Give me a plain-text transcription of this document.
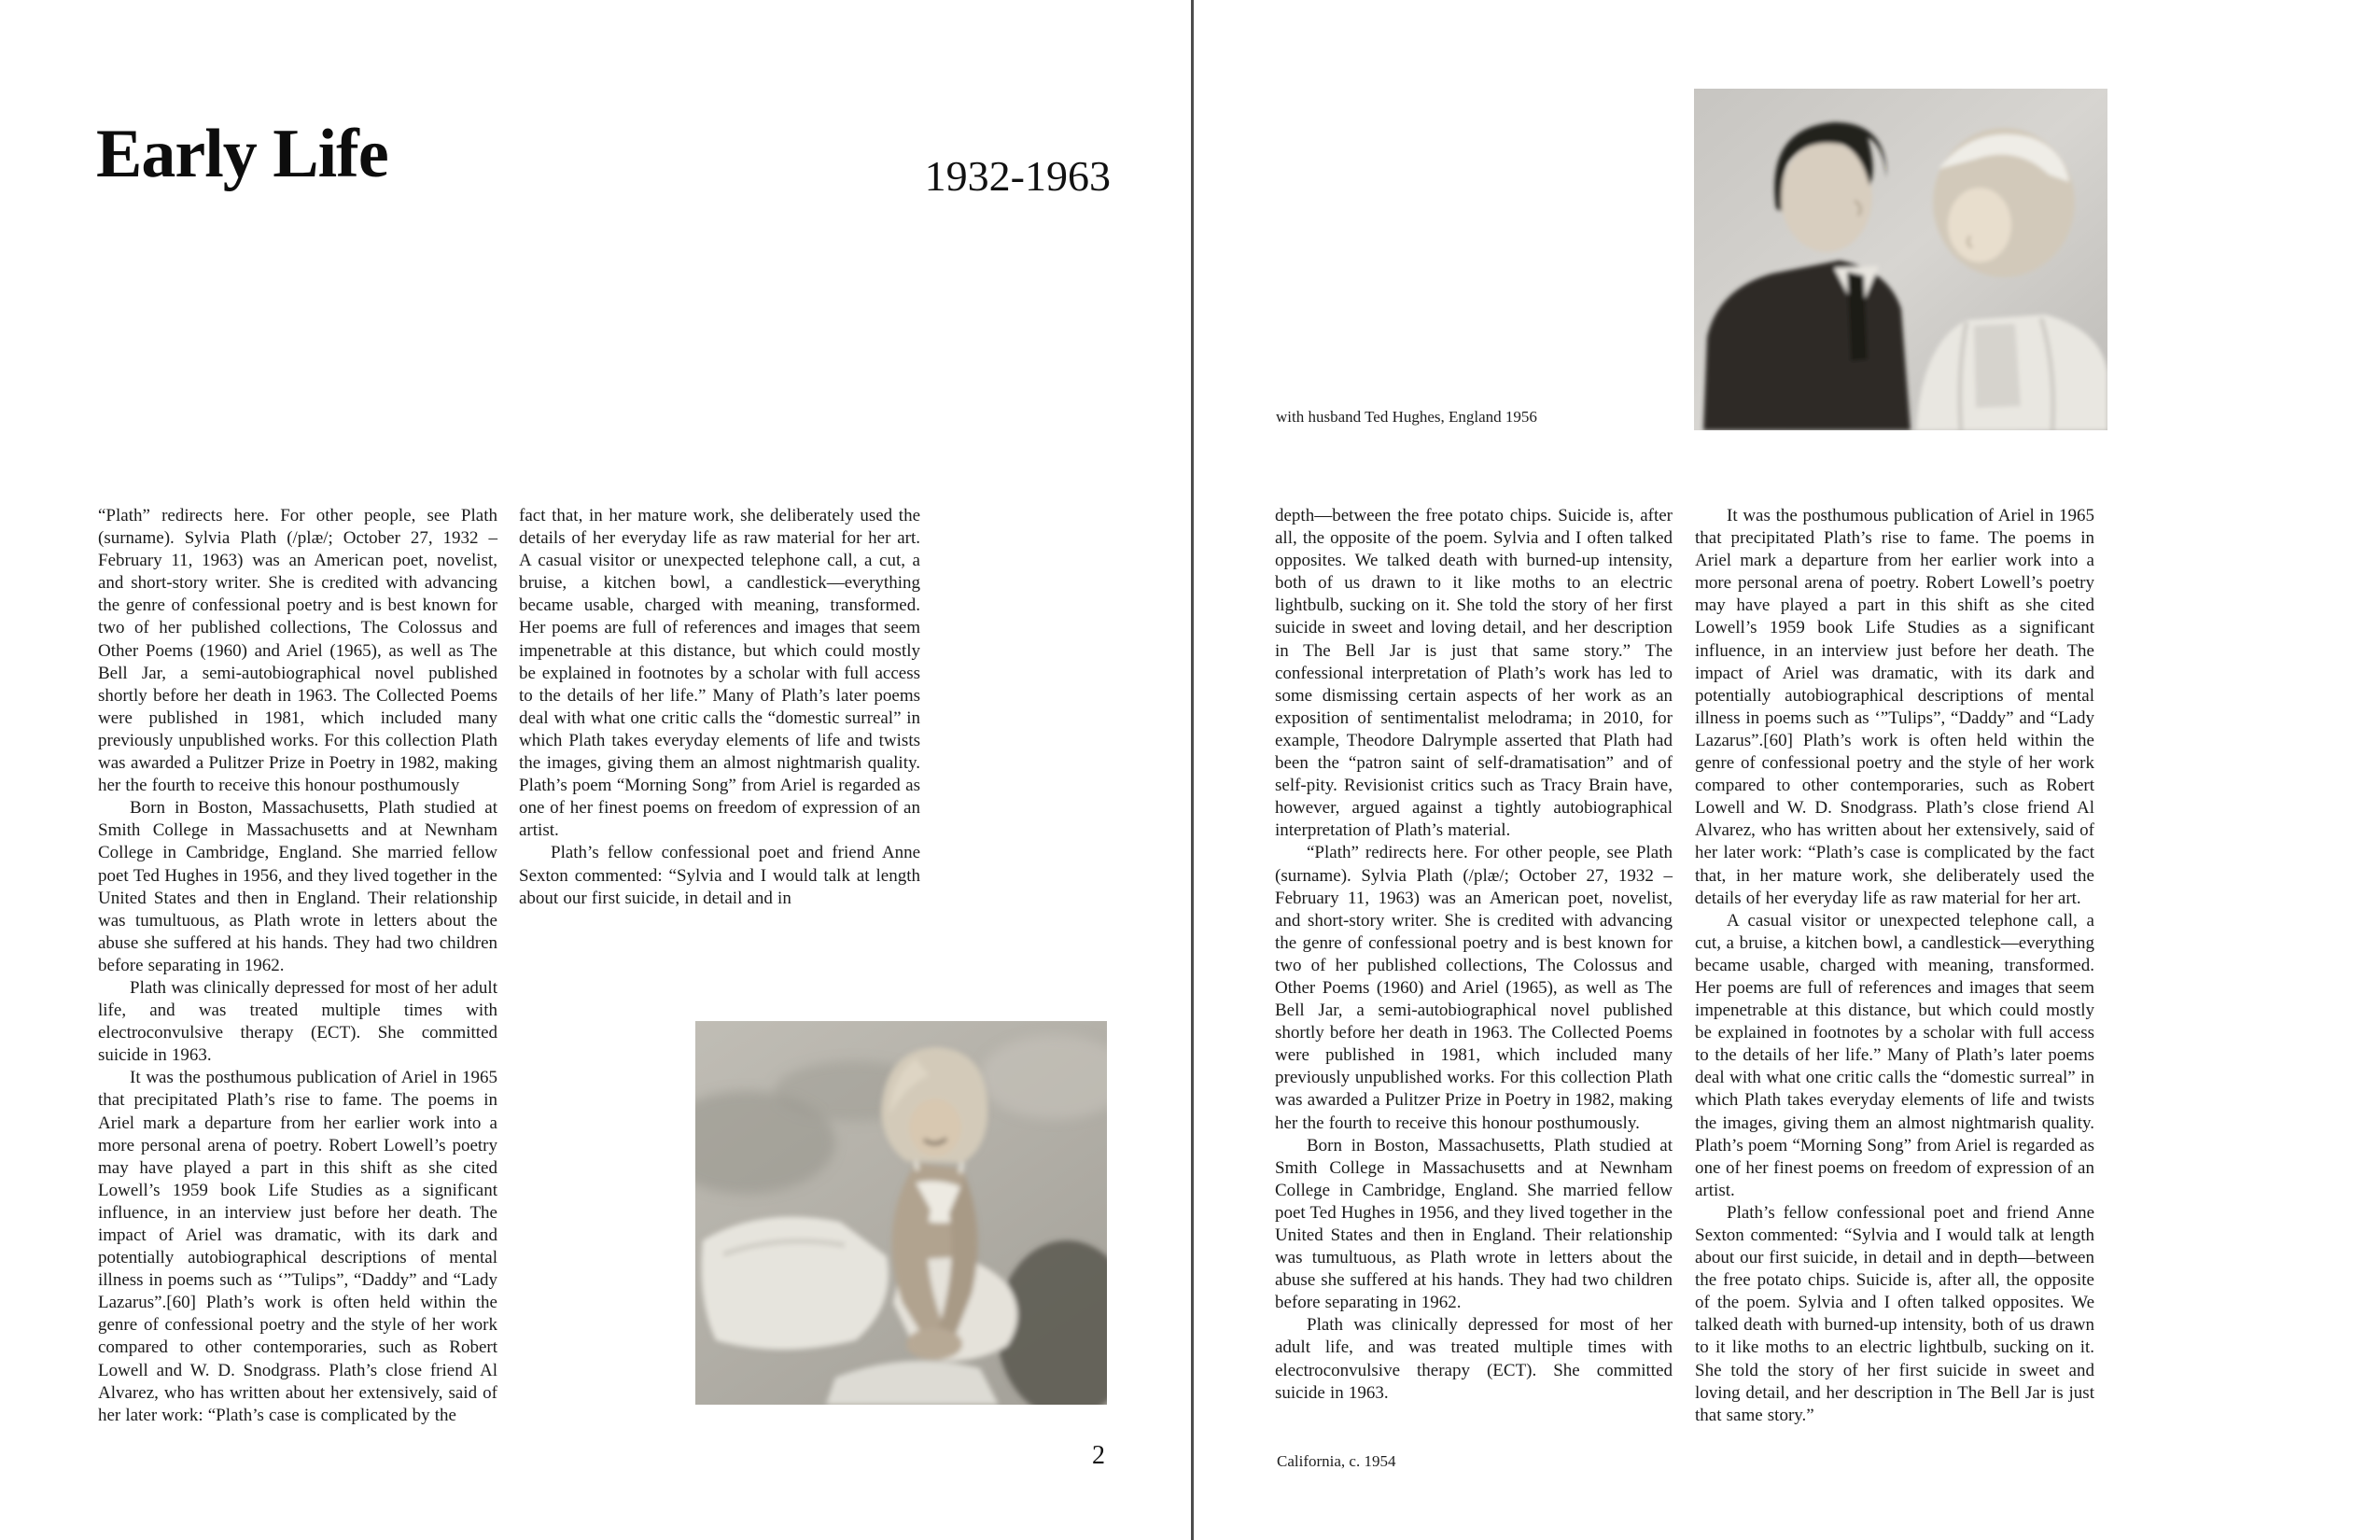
Early Life	1932-1963

“Plath” redirects here. For other people, see Plath (surname). Sylvia Plath (/plæ/; October 27, 1932 – February 11, 1963) was an American poet, novelist, and short-story writer. She is credited with advancing the genre of confessional poetry and is best known for two of her published collections, The Colossus and Other Poems (1960) and Ariel (1965), as well as The Bell Jar, a semi-autobiographical novel published shortly before her death in 1963. The Collected Poems were published in 1981, which included many previously unpublished works. For this collection Plath was awarded a Pulitzer Prize in Poetry in 1982, making her the fourth to receive this honour posthumously

Born in Boston, Massachusetts, Plath studied at Smith College in Massachusetts and at Newnham College in Cambridge, England. She married fellow poet Ted Hughes in 1956, and they lived together in the United States and then in England. Their relationship was tumultuous, as Plath wrote in letters about the abuse she suffered at his hands. They had two children before separating in 1962.

Plath was clinically depressed for most of her adult life, and was treated multiple times with electroconvulsive therapy (ECT). She committed suicide in 1963.

It was the posthumous publication of Ariel in 1965 that precipitated Plath’s rise to fame. The poems in Ariel mark a departure from her earlier work into a more personal arena of poetry. Robert Lowell’s poetry may have played a part in this shift as she cited Lowell’s 1959 book Life Studies as a significant influence, in an interview just before her death. The impact of Ariel was dramatic, with its dark and potentially autobiographical descriptions of mental illness in poems such as ‘”Tulips”, “Daddy” and “Lady Lazarus”.[60] Plath’s work is often held within the genre of confessional poetry and the style of her work compared to other contemporaries, such as Robert Lowell and W. D. Snodgrass. Plath’s close friend Al Alvarez, who has written about her extensively, said of her later work: “Plath’s case is complicated by the

fact that, in her mature work, she deliberately used the details of her everyday life as raw material for her art. A casual visitor or unexpected telephone call, a cut, a bruise, a kitchen bowl, a candlestick—everything became usable, charged with meaning, transformed. Her poems are full of references and images that seem impenetrable at this distance, but which could mostly be explained in footnotes by a scholar with full access to the details of her life.” Many of Plath’s later poems deal with what one critic calls the “domestic surreal” in which Plath takes everyday elements of life and twists the images, giving them an almost nightmarish quality. Plath’s poem “Morning Song” from Ariel is regarded as one of her finest poems on freedom of expression of an artist.

Plath’s fellow confessional poet and friend Anne Sexton commented: “Sylvia and I would talk at length about our first suicide, in detail and in

2
with husband Ted Hughes, England 1956

depth—between the free potato chips. Suicide is, after all, the opposite of the poem. Sylvia and I often talked opposites. We talked death with burned-up intensity, both of us drawn to it like moths to an electric lightbulb, sucking on it. She told the story of her first suicide in sweet and loving detail, and her description in The Bell Jar is just that same story.” The confessional interpretation of Plath’s work has led to some dismissing certain aspects of her work as an exposition of sentimentalist melodrama; in 2010, for example, Theodore Dalrymple asserted that Plath had been the “patron saint of self-dramatisation” and of self-pity. Revisionist critics such as Tracy Brain have, however, argued against a tightly autobiographical interpretation of Plath’s material.

“Plath” redirects here. For other people, see Plath (surname). Sylvia Plath (/plæ/; October 27, 1932 – February 11, 1963) was an American poet, novelist, and short-story writer. She is credited with advancing the genre of confessional poetry and is best known for two of her published collections, The Colossus and Other Poems (1960) and Ariel (1965), as well as The Bell Jar, a semi-autobiographical novel published shortly before her death in 1963. The Collected Poems were published in 1981, which included many previously unpublished works. For this collection Plath was awarded a Pulitzer Prize in Poetry in 1982, making her the fourth to receive this honour posthumously.

Born in Boston, Massachusetts, Plath studied at Smith College in Massachusetts and at Newnham College in Cambridge, England. She married fellow poet Ted Hughes in 1956, and they lived together in the United States and then in England. Their relationship was tumultuous, as Plath wrote in letters about the abuse she suffered at his hands. They had two children before separating in 1962.

Plath was clinically depressed for most of her adult life, and was treated multiple times with electroconvulsive therapy (ECT). She committed suicide in 1963.

It was the posthumous publication of Ariel in 1965 that precipitated Plath’s rise to fame. The poems in Ariel mark a departure from her earlier work into a more personal arena of poetry. Robert Lowell’s poetry may have played a part in this shift as she cited Lowell’s 1959 book Life Studies as a significant influence, in an interview just before her death. The impact of Ariel was dramatic, with its dark and potentially autobiographical descriptions of mental illness in poems such as ‘”Tulips”, “Daddy” and “Lady Lazarus”.[60] Plath’s work is often held within the genre of confessional poetry and the style of her work compared to other contemporaries, such as Robert Lowell and W. D. Snodgrass. Plath’s close friend Al Alvarez, who has written about her extensively, said of her later work: “Plath’s case is complicated by the fact that, in her mature work, she deliberately used the details of her everyday life as raw material for her art.

A casual visitor or unexpected telephone call, a cut, a bruise, a kitchen bowl, a candlestick—everything became usable, charged with meaning, transformed. Her poems are full of references and images that seem impenetrable at this distance, but which could mostly be explained in footnotes by a scholar with full access to the details of her life.” Many of Plath’s later poems deal with what one critic calls the “domestic surreal” in which Plath takes everyday elements of life and twists the images, giving them an almost nightmarish quality. Plath’s poem “Morning Song” from Ariel is regarded as one of her finest poems on freedom of expression of an artist.

Plath’s fellow confessional poet and friend Anne Sexton commented: “Sylvia and I would talk at length about our first suicide, in detail and in depth—between the free potato chips. Suicide is, after all, the opposite of the poem. Sylvia and I often talked opposites. We talked death with burned-up intensity, both of us drawn to it like moths to an electric lightbulb, sucking on it. She told the story of her first suicide in sweet and loving detail, and her description in The Bell Jar is just that same story.”

California, c. 1954
